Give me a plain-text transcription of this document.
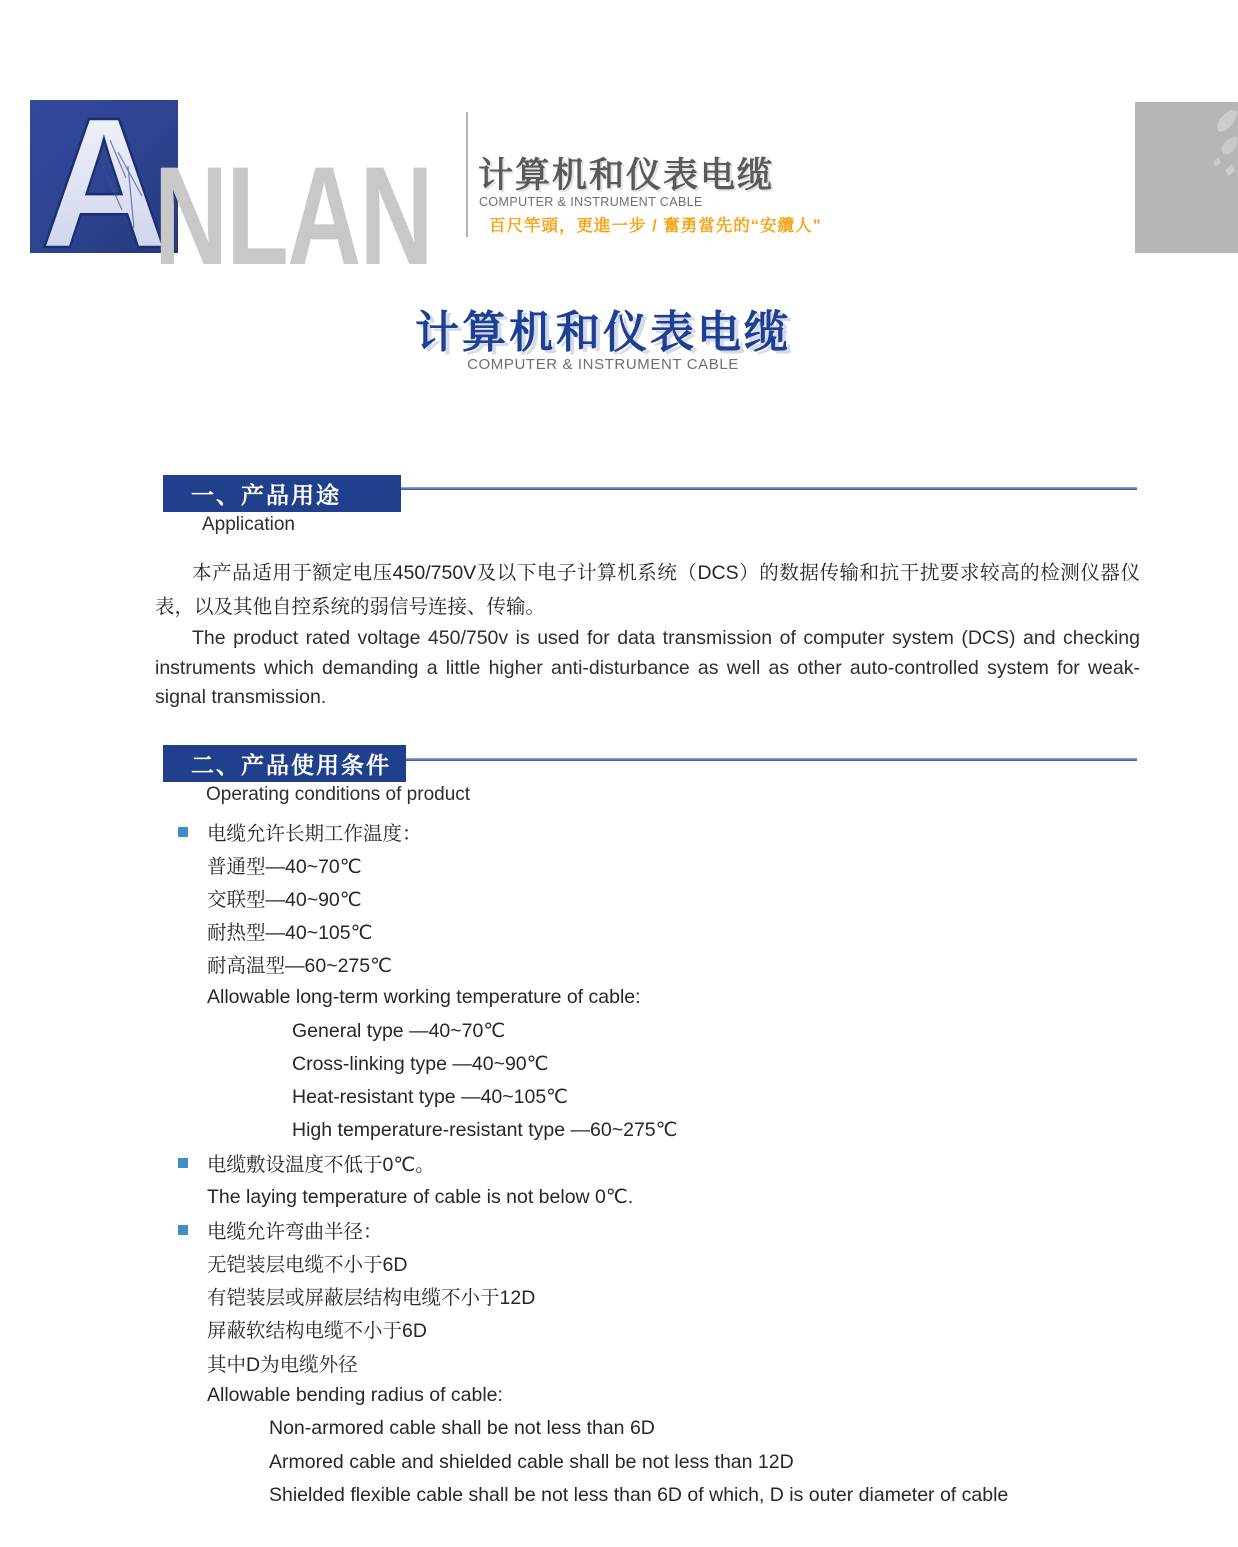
A
NLAN 计算机和仪表电缆
COMPUTER & INSTRUMENT CABLE
百尺竿頭，更進一步 / 奮勇當先的“安纜人”
计算机和仪表电缆
COMPUTER & INSTRUMENT CABLE
一、产品用途
Application

本产品适用于额定电压450/750V及以下电子计算机系统（DCS）的数据传输和抗干扰要求较高的检测仪器仪表，以及其他自控系统的弱信号连接、传输。

The product rated voltage 450/750v is used for data transmission of computer system (DCS) and checking instruments which demanding a little higher anti-disturbance as well as other auto-controlled system for weak-signal transmission.

二、产品使用条件
Operating conditions of product
电缆允许长期工作温度：
普通型—40~70℃
交联型—40~90℃
耐热型—40~105℃
耐高温型—60~275℃
Allowable long-term working temperature of cable:
General type —40~70℃
Cross-linking type —40~90℃
Heat-resistant type —40~105℃
High temperature-resistant type —60~275℃
电缆敷设温度不低于0℃。
The laying temperature of cable is not below 0℃.
电缆允许弯曲半径：
无铠装层电缆不小于6D
有铠装层或屏蔽层结构电缆不小于12D
屏蔽软结构电缆不小于6D
其中D为电缆外径
Allowable bending radius of cable:
Non-armored cable shall be not less than 6D
Armored cable and shielded cable shall be not less than 12D
Shielded flexible cable shall be not less than 6D of which, D is outer diameter of cable
